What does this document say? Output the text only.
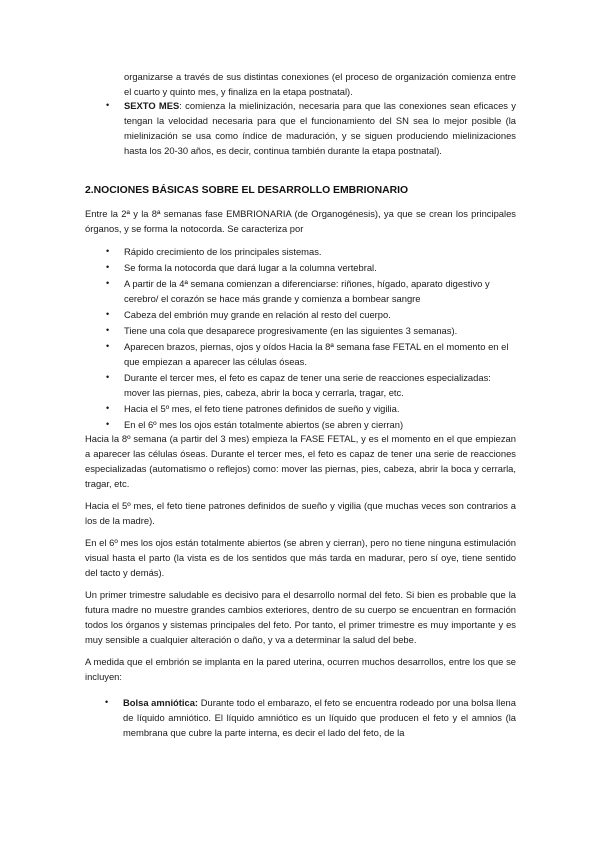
organizarse a través de sus distintas conexiones (el proceso de organización comienza entre el cuarto y quinto mes, y finaliza en la etapa postnatal).

• SEXTO MES: comienza la mielinización, necesaria para que las conexiones sean eficaces y tengan la velocidad necesaria para que el funcionamiento del SN sea lo mejor posible (la mielinización se usa como índice de maduración, y se siguen produciendo mielinizaciones hasta los 20-30 años, es decir, continua también durante la etapa postnatal).

2.NOCIONES BÁSICAS SOBRE EL DESARROLLO EMBRIONARIO

Entre la 2ª y la 8ª semanas fase EMBRIONARIA (de Organogénesis), ya que se crean los principales órganos, y se forma la notocorda. Se caracteriza por

• Rápido crecimiento de los principales sistemas.
• Se forma la notocorda que dará lugar a la columna vertebral.
• A partir de la 4ª semana comienzan a diferenciarse: riñones, hígado, aparato digestivo y cerebro/ el corazón se hace más grande y comienza a bombear sangre
• Cabeza del embrión muy grande en relación al resto del cuerpo.
• Tiene una cola que desaparece progresivamente (en las siguientes 3 semanas).
• Aparecen brazos, piernas, ojos y oídos Hacia la 8ª semana fase FETAL en el momento en el que empiezan a aparecer las células óseas.
• Durante el tercer mes, el feto es capaz de tener una serie de reacciones especializadas: mover las piernas, pies, cabeza, abrir la boca y cerrarla, tragar, etc.
• Hacia el 5º mes, el feto tiene patrones definidos de sueño y vigilia.
• En el 6º mes los ojos están totalmente abiertos (se abren y cierran)

Hacia la 8º semana (a partir del 3 mes) empieza la FASE FETAL, y es el momento en el que empiezan a aparecer las células óseas. Durante el tercer mes, el feto es capaz de tener una serie de reacciones especializadas (automatismo o reflejos) como: mover las piernas, pies, cabeza, abrir la boca y cerrarla, tragar, etc.

Hacia el 5º mes, el feto tiene patrones definidos de sueño y vigilia (que muchas veces son contrarios a los de la madre).

En el 6º mes los ojos están totalmente abiertos (se abren y cierran), pero no tiene ninguna estimulación visual hasta el parto (la vista es de los sentidos que más tarda en madurar, pero sí oye, tiene sentido del tacto y demás).

Un primer trimestre saludable es decisivo para el desarrollo normal del feto. Si bien es probable que la futura madre no muestre grandes cambios exteriores, dentro de su cuerpo se encuentran en formación todos los órganos y sistemas principales del feto. Por tanto, el primer trimestre es muy importante y es muy sensible a cualquier alteración o daño, y va a determinar la salud del bebe.

A medida que el embrión se implanta en la pared uterina, ocurren muchos desarrollos, entre los que se incluyen:

• Bolsa amniótica: Durante todo el embarazo, el feto se encuentra rodeado por una bolsa llena de líquido amniótico. El líquido amniótico es un líquido que producen el feto y el amnios (la membrana que cubre la parte interna, es decir el lado del feto, de la
